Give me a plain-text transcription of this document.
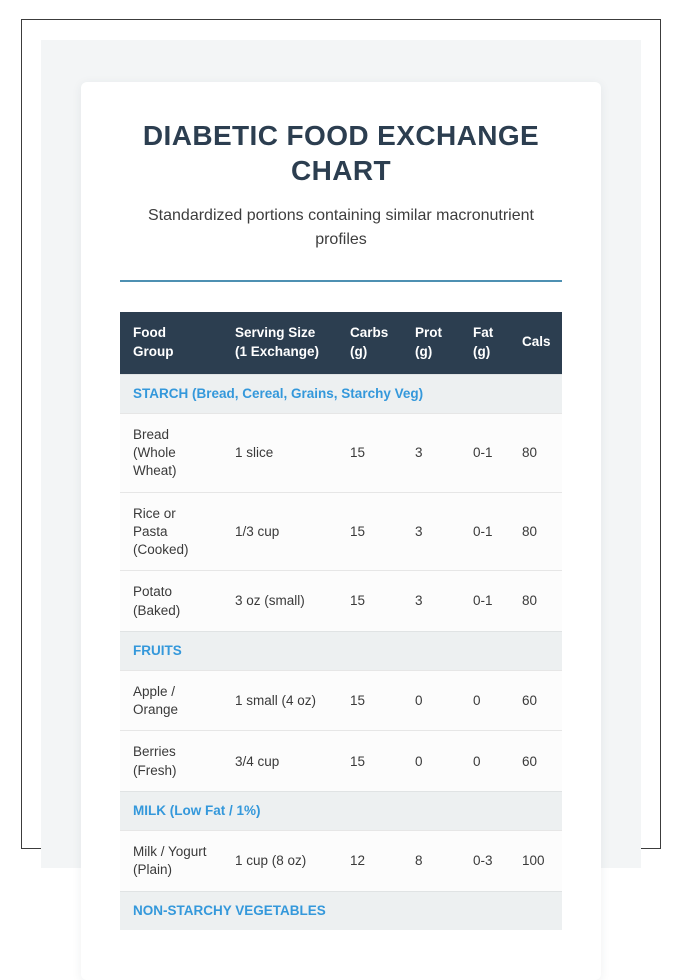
DIABETIC FOOD EXCHANGE CHART

Standardized portions containing similar macronutrient profiles

Food Group	Serving Size (1 Exchange)	Carbs (g)	Prot (g)	Fat (g)	Cals
STARCH (Bread, Cereal, Grains, Starchy Veg)					
Bread (Whole Wheat)	1 slice	15	3	0-1	80
Rice or Pasta (Cooked)	1/3 cup	15	3	0-1	80
Potato (Baked)	3 oz (small)	15	3	0-1	80
FRUITS					
Apple / Orange	1 small (4 oz)	15	0	0	60
Berries (Fresh)	3/4 cup	15	0	0	60
MILK (Low Fat / 1%)					
Milk / Yogurt (Plain)	1 cup (8 oz)	12	8	0-3	100
NON-STARCHY VEGETABLES					
